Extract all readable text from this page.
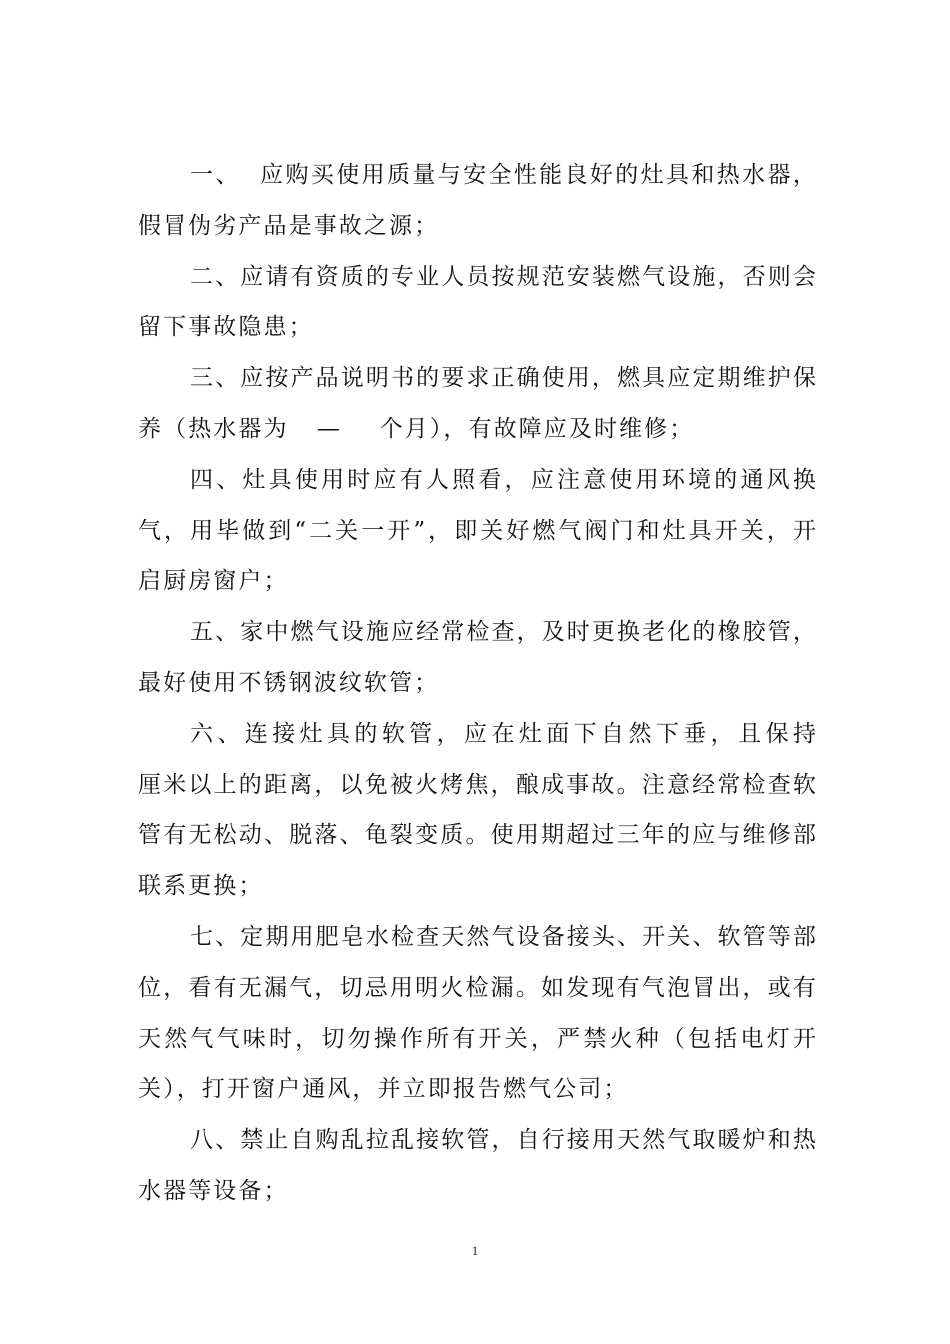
一、  应购买使用质量与安全性能良好的灶具和热水器，假冒伪劣产品是事故之源；

二、应请有资质的专业人员按规范安装燃气设施，否则会留下事故隐患；

三、应按产品说明书的要求正确使用，燃具应定期维护保养（热水器为   —    个月），有故障应及时维修；

四、灶具使用时应有人照看，应注意使用环境的通风换气，用毕做到“二关一开”，即关好燃气阀门和灶具开关，开启厨房窗户；

五、家中燃气设施应经常检查，及时更换老化的橡胶管，最好使用不锈钢波纹软管；

六、连接灶具的软管，应在灶面下自然下垂，且保持      厘米以上的距离，以免被火烤焦，酿成事故。注意经常检查软管有无松动、脱落、龟裂变质。使用期超过三年的应与维修部联系更换；

七、定期用肥皂水检查天然气设备接头、开关、软管等部位，看有无漏气，切忌用明火检漏。如发现有气泡冒出，或有天然气气味时，切勿操作所有开关，严禁火种（包括电灯开关），打开窗户通风，并立即报告燃气公司；

八、禁止自购乱拉乱接软管，自行接用天然气取暖炉和热水器等设备；

1
